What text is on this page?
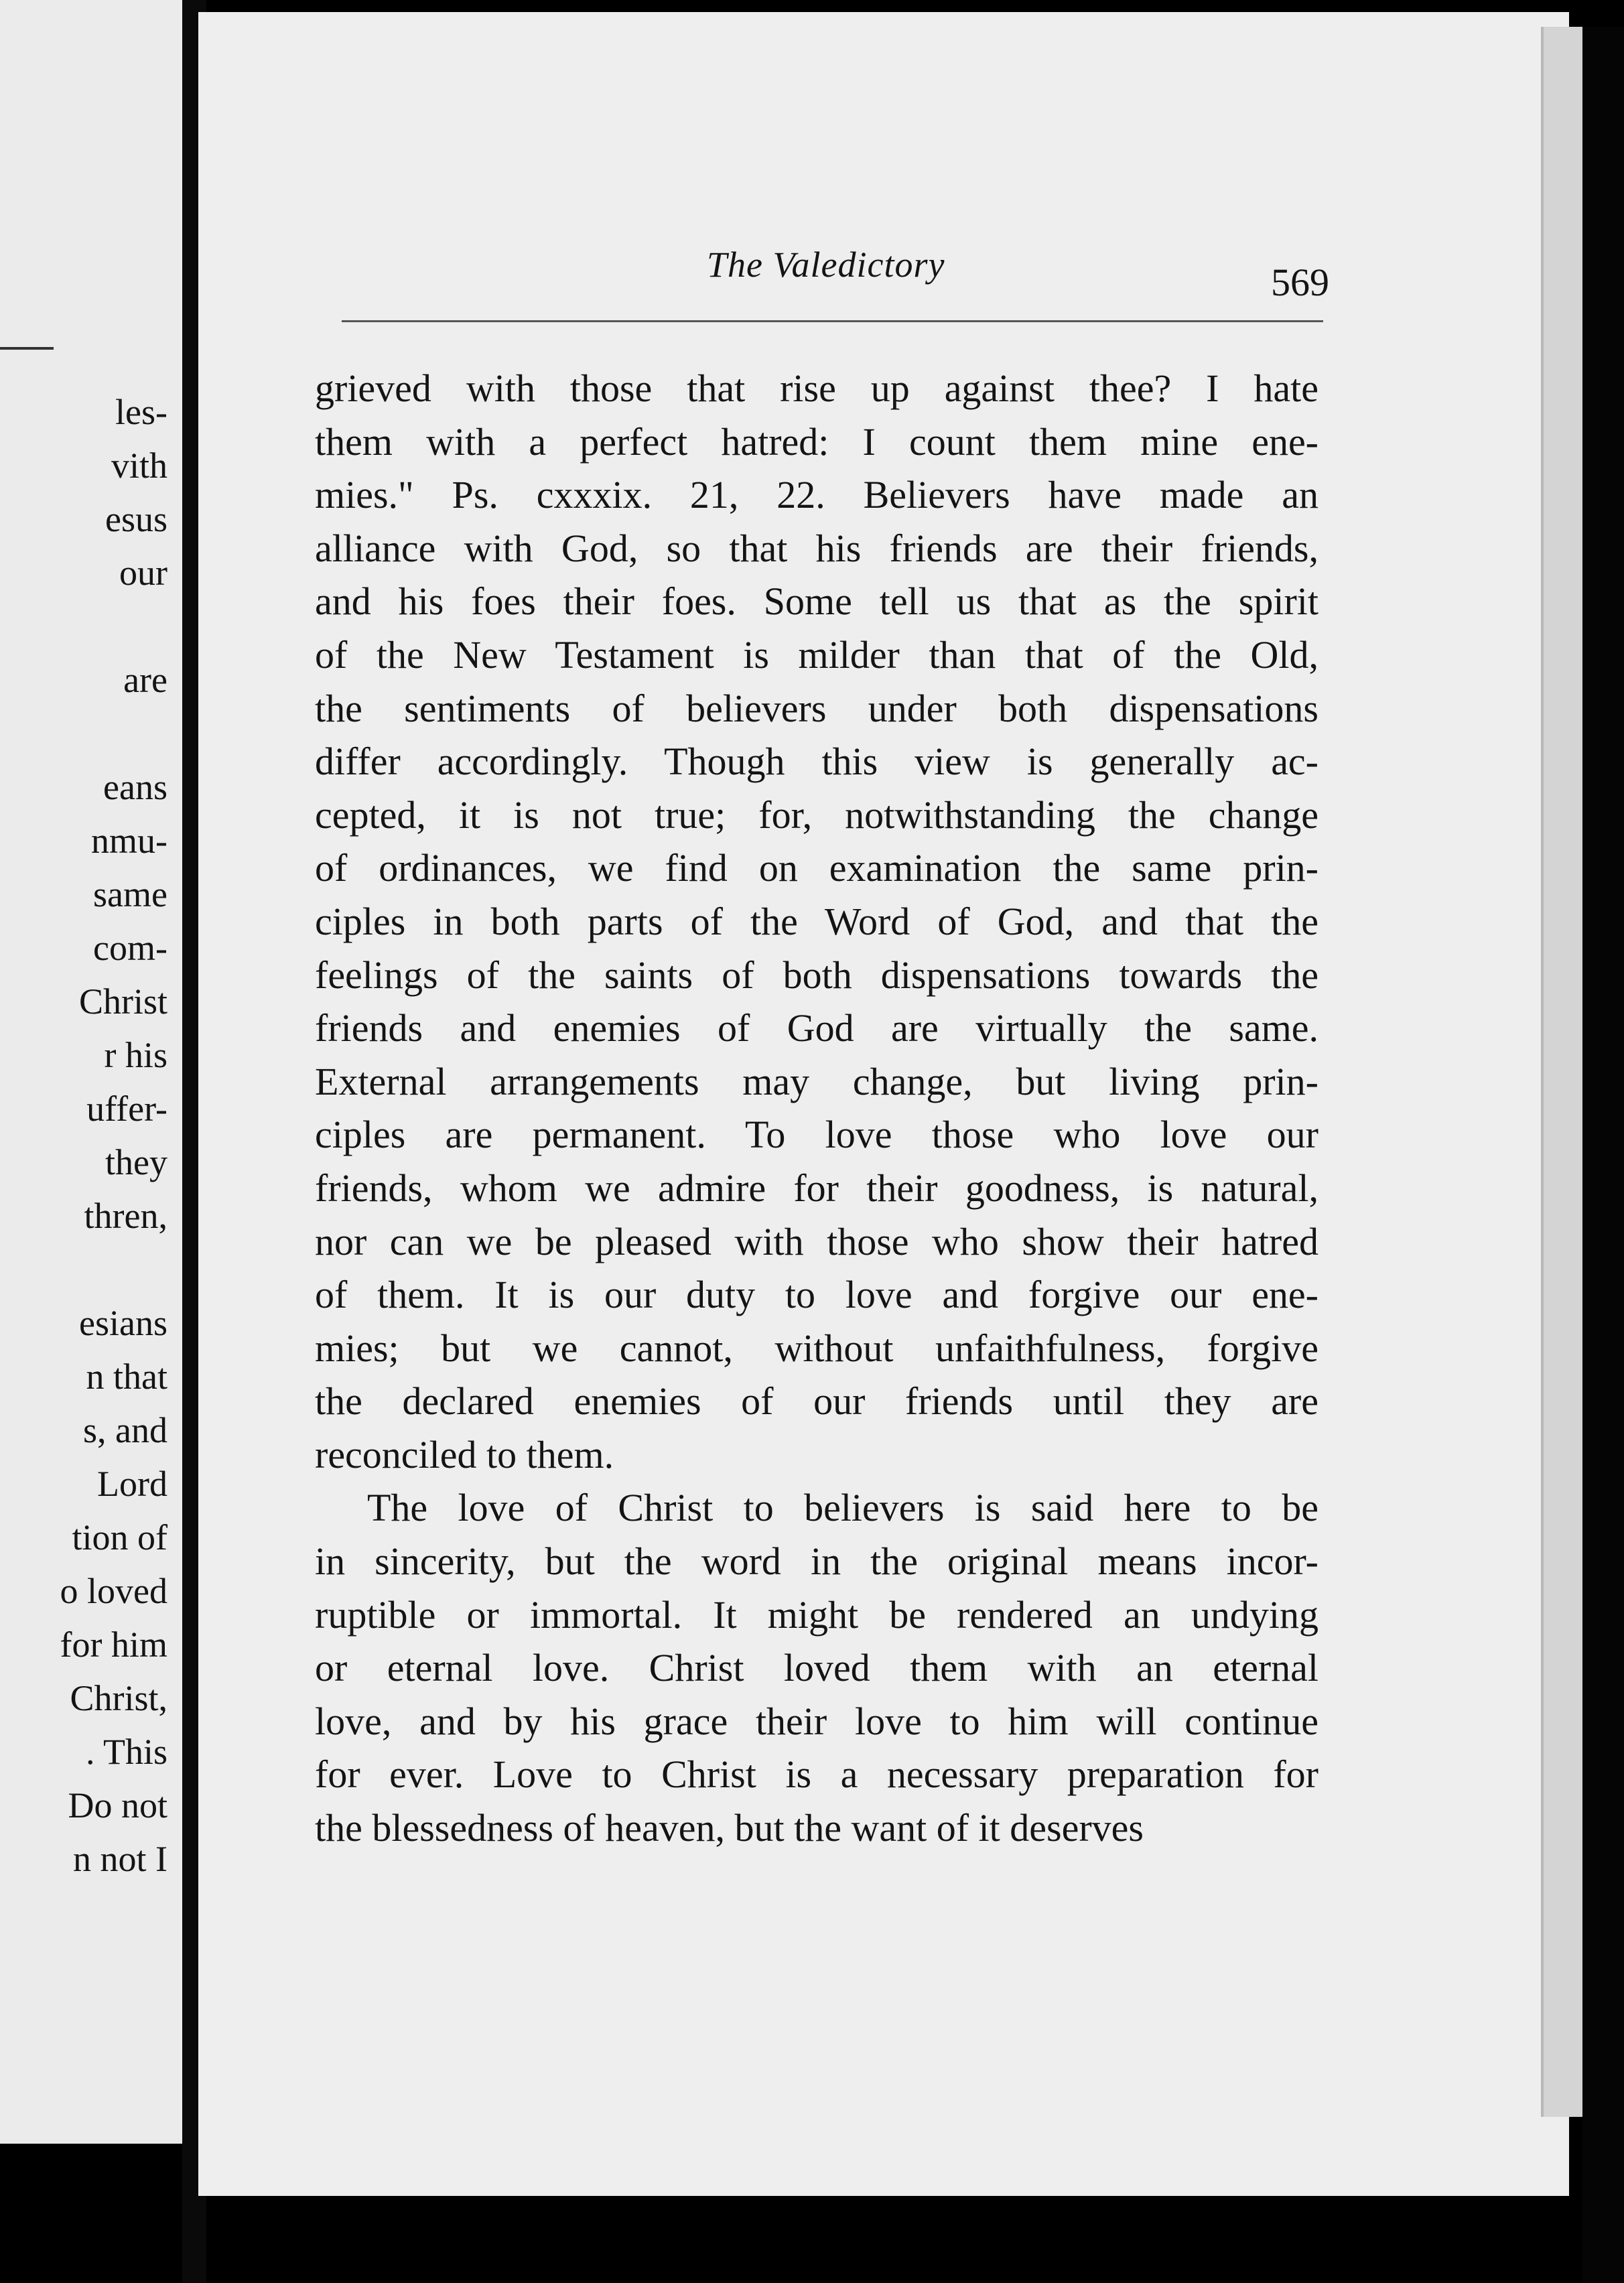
les-
vith
esus
our

are

eans
nmu-
same
com-
Christ
r his
uffer-
they
thren,

esians
n that
s, and
Lord
tion of
o loved
for him
Christ,
. This
Do not
n not I
The Valedictory	569
grieved with those that rise up against thee? I hate
them with a perfect hatred: I count them mine ene-
mies." Ps. cxxxix. 21, 22. Believers have made an
alliance with God, so that his friends are their friends,
and his foes their foes. Some tell us that as the spirit
of the New Testament is milder than that of the Old,
the sentiments of believers under both dispensations
differ accordingly. Though this view is generally ac-
cepted, it is not true; for, notwithstanding the change
of ordinances, we find on examination the same prin-
ciples in both parts of the Word of God, and that the
feelings of the saints of both dispensations towards the
friends and enemies of God are virtually the same.
External arrangements may change, but living prin-
ciples are permanent. To love those who love our
friends, whom we admire for their goodness, is natural,
nor can we be pleased with those who show their hatred
of them. It is our duty to love and forgive our ene-
mies; but we cannot, without unfaithfulness, forgive
the declared enemies of our friends until they are
reconciled to them.
The love of Christ to believers is said here to be
in sincerity, but the word in the original means incor-
ruptible or immortal. It might be rendered an undying
or eternal love. Christ loved them with an eternal
love, and by his grace their love to him will continue
for ever. Love to Christ is a necessary preparation for
the blessedness of heaven, but the want of it deserves
